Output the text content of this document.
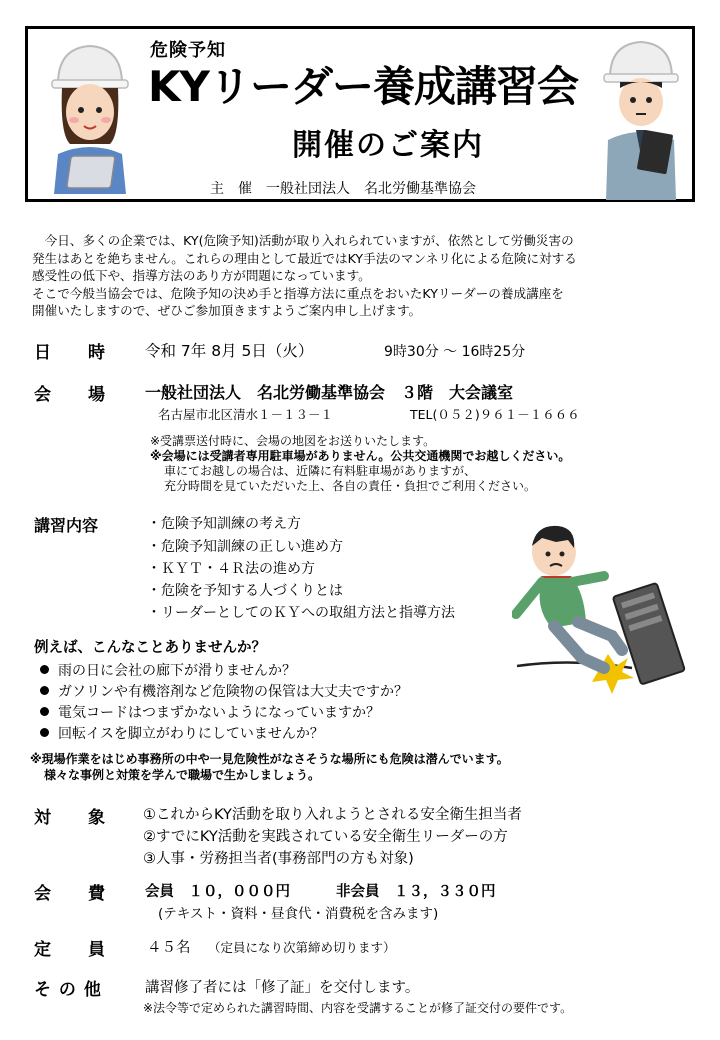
危険予知
KYリーダー養成講習会
開催のご案内
主　催　一般社団法人　名北労働基準協会
　今日、多くの企業では、KY(危険予知)活動が取り入れられていますが、依然として労働災害の
発生はあとを絶ちません。これらの理由として最近ではKY手法のマンネリ化による危険に対する
感受性の低下や、指導方法のあり方が問題になっています。
そこで今般当協会では、危険予知の決め手と指導方法に重点をおいたKYリーダーの養成講座を
開催いたしますので、ぜひご参加頂きますようご案内申し上げます。
日　　時	令和 7年 8月 5日（火）	9時30分 ～ 16時25分
会　　場 一般社団法人　名北労働基準協会　３階　大会議室
名古屋市北区清水１－１３－１	TEL(０５２)９６１－１６６６
※受講票送付時に、会場の地図をお送りいたします。
※会場には受講者専用駐車場がありません。公共交通機関でお越しください。
車にてお越しの場合は、近隣に有料駐車場がありますが、
充分時間を見ていただいた上、各自の責任・負担でご利用ください。
講習内容	・危険予知訓練の考え方
・危険予知訓練の正しい進め方
・ＫＹＴ・４Ｒ法の進め方
・危険を予知する人づくりとは
・リーダーとしてのＫＹへの取組方法と指導方法
例えば、こんなことありませんか？
雨の日に会社の廊下が滑りませんか？
ガソリンや有機溶剤など危険物の保管は大丈夫ですか？
電気コードはつまずかないようになっていますか？
回転イスを脚立がわりにしていませんか？
※現場作業をはじめ事務所の中や一見危険性がなさそうな場所にも危険は潜んでいます。
様々な事例と対策を学んで職場で生かしましょう。
対　　象	①これからKY活動を取り入れようとされる安全衛生担当者
②すでにKY活動を実践されている安全衛生リーダーの方
③人事・労務担当者(事務部門の方も対象)
会　　費	会員　１０，０００円	非会員　１３，３３０円
(テキスト・資料・昼食代・消費税を含みます)
定　　員	４５名 （定員になり次第締め切ります）
そ の 他	講習修了者には「修了証」を交付します。
※法令等で定められた講習時間、内容を受講することが修了証交付の要件です。
